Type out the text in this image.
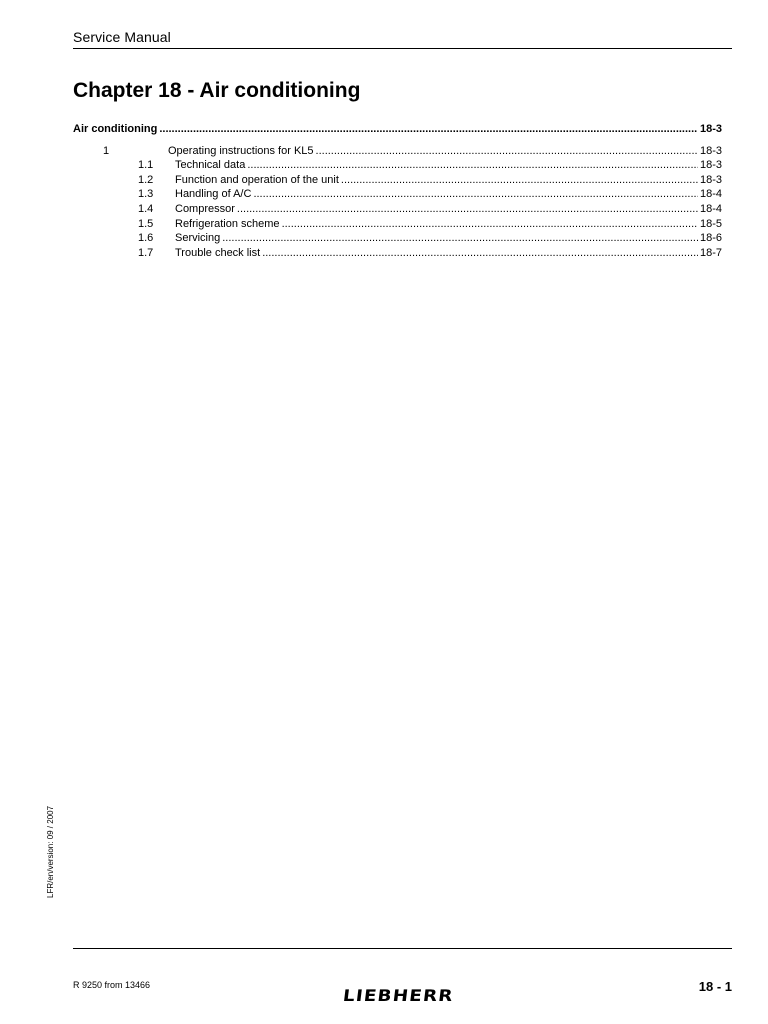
Service Manual
Chapter 18 - Air conditioning
Air conditioning .....	18-3
1	Operating instructions for KL5 .....	18-3
1.1	Technical data .....	18-3
1.2	Function and operation of the unit .....	18-3
1.3	Handling of A/C .....	18-4
1.4	Compressor .....	18-4
1.5	Refrigeration scheme .....	18-5
1.6	Servicing .....	18-6
1.7	Trouble check list .....	18-7
LFR/en/version: 09 / 2007
R 9250 from 13466
LIEBHERR	18 - 1
